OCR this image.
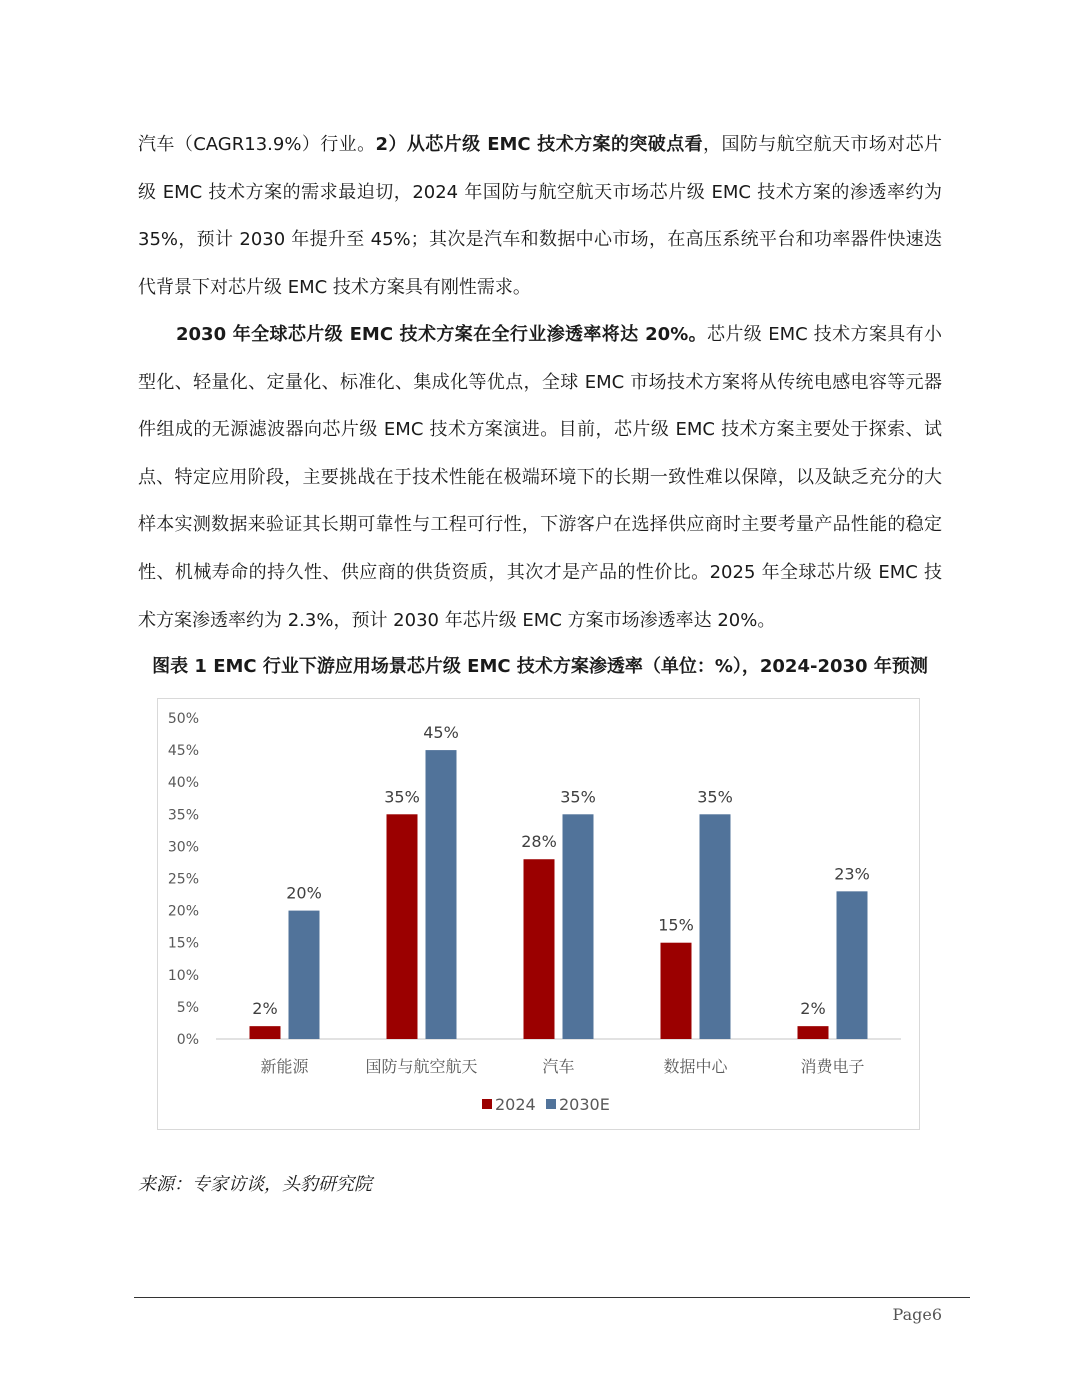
汽车（CAGR13.9%）行业。2）从芯片级 EMC 技术方案的突破点看，国防与航空航天市场对芯片级 EMC 技术方案的需求最迫切，2024 年国防与航空航天市场芯片级 EMC 技术方案的渗透率约为 35%，预计 2030 年提升至 45%；其次是汽车和数据中心市场，在高压系统平台和功率器件快速迭代背景下对芯片级 EMC 技术方案具有刚性需求。

2030 年全球芯片级 EMC 技术方案在全行业渗透率将达 20%。芯片级 EMC 技术方案具有小型化、轻量化、定量化、标准化、集成化等优点，全球 EMC 市场技术方案将从传统电感电容等元器件组成的无源滤波器向芯片级 EMC 技术方案演进。目前，芯片级 EMC 技术方案主要处于探索、试点、特定应用阶段，主要挑战在于技术性能在极端环境下的长期一致性难以保障，以及缺乏充分的大样本实测数据来验证其长期可靠性与工程可行性，下游客户在选择供应商时主要考量产品性能的稳定性、机械寿命的持久性、供应商的供货资质，其次才是产品的性价比。2025 年全球芯片级 EMC 技术方案渗透率约为 2.3%，预计 2030 年芯片级 EMC 方案市场渗透率达 20%。

图表 1 EMC 行业下游应用场景芯片级 EMC 技术方案渗透率（单位：%），2024-2030 年预测

0%
5%
10%
15%
20%
25%
30%
35%
40%
45%
50%
2%
20%
新能源
35%
45%
国防与航空航天
28%
35%
汽车
15%
35%
数据中心
2%
23%
消费电子
2024 2030E

来源：专家访谈，头豹研究院

Page6
